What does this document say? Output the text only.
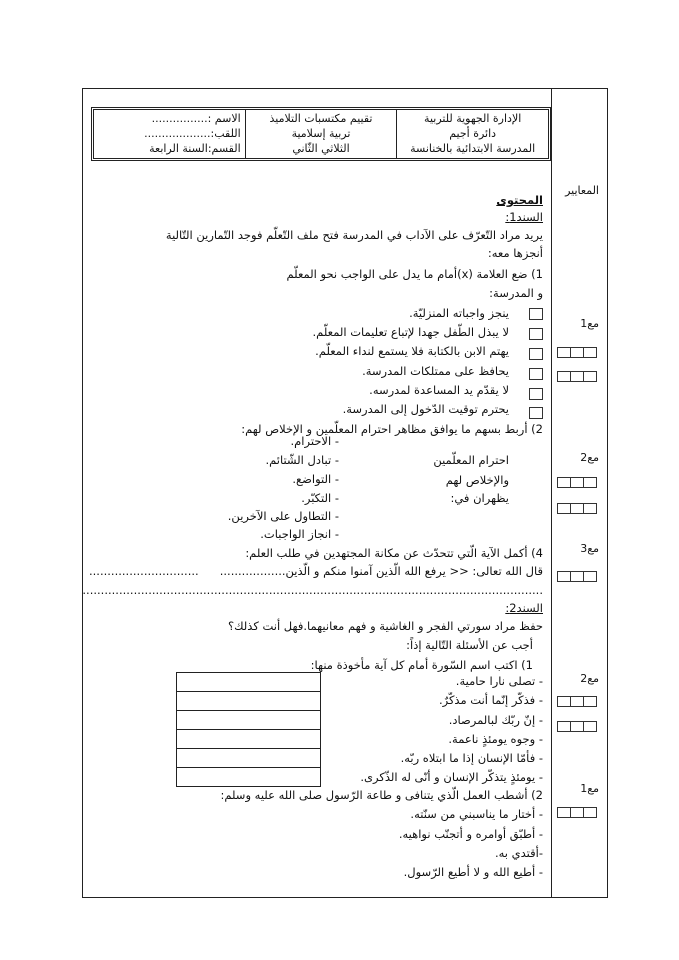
المعايير
مع1
مع2
مع3
مع2
مع1
الإدارة الجهوية للتربية
دائرة أجيم
المدرسة الابتدائية بالخنانسة
تقييم مكتسبات التلاميذ
تربية إسلامية
الثلاثي الثّاني
الاسم :................
اللقب:...................
القسم:السنة الرابعة
المحتوى
السند1:
يريد مراد التّعرّف على الآداب في المدرسة فتح ملف التّعلّم فوجد التّمارين التّالية
أنجزها معه:
1) ضع العلامة (x)أمام ما يدل على الواجب نحو المعلّم
و المدرسة:
ينجز واجباته المنزليّة.
لا يبذل الطّفل جهدا لإتباع تعليمات المعلّم.
يهتم الابن بالكتابة فلا يستمع لنداء المعلّم.
يحافظ على ممتلكات المدرسة.
لا يقدّم يد المساعدة لمدرسه.
يحترم توقيت الدّخول إلى المدرسة.
2) أربط بسهم ما يوافق مظاهر احترام المعلّمين و الإخلاص لهم:
احترام المعلّمين
والإخلاص لهم
يظهران في:
- الاحترام.
- تبادل الشّتائم.
- التواضع.
- التكبّر.
- التطاول على الآخرين.
- انجاز الواجبات.
4) أكمل الآية الّتي تتحدّث عن مكانة المجتهدين في طلب العلم:
قال الله تعالى: << يرفع الله الّذين آمنوا منكم و الّذين..................
..............................
..............................................................................................................................
السند2:
حفظ مراد سورتي الفجر و الغاشية و فهم معانيهما.فهل أنت كذلك؟
أجب عن الأسئلة التّالية إذاً:
1) اكتب اسم السّورة أمام كل آية مأخوذة منها:
- تصلى نارا حامية.
- فذكّر إنّما أنت مذكّرٌ.
- إنّ ربّك لبالمرصاد.
- وجوه يومئذٍ ناعمة.
- فأمّا الإنسان إذا ما ابتلاه ربّه.
- يومئذٍ يتذكّر الإنسان و أنّى له الذّكرى.
2) أشطب العمل الّذي يتنافى و طاعة الرّسول صلى الله عليه وسلم:
- أختار ما يناسبني من سنّته.
- أطبّق أوامره و أتجنّب نواهيه.
-أقتدي به.
- أطيع الله و لا أطيع الرّسول.
